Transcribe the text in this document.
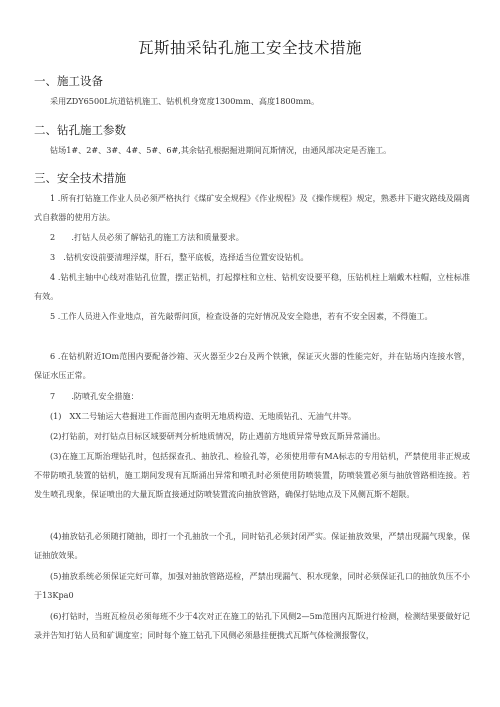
瓦斯抽采钻孔施工安全技术措施
一、施工设备
采用ZDY6500L坑道钻机施工、钻机机身宽度1300mm、高度1800mm。
二、钻孔施工参数
钻场1#、2#、3#、4#、5#、6#,其余钻孔根据掘进期间瓦斯情况，由通风部决定是否施工。
三、安全技术措施
1 .所有打钻施工作业人员必须严格执行《煤矿安全规程》《作业规程》及《操作规程》规定，熟悉井下避灾路线及隔离式自救器的使用方法。
2　　.打钻人员必须了解钻孔的施工方法和质量要求。
3　.钻机安设前要清理浮煤，肝石，整平底板，选择适当位置安设钻机。
4 .钻机主轴中心线对准钻孔位置，摆正钻机，打起撑柱和立柱、钻机安设要平稳，压钻机柱上端戴木柱帽，立柱标准有效。
5 .工作人员进入作业地点，首先敲帮问顶，检查设备的完好情况及安全隐患，若有不安全因素，不得施工。
6 .在钻机附近IOm范围内要配备沙箱、灭火器至少2台及两个铁锹，保证灭火器的性能完好，并在钻场内连接水管，保证水压正常。
7　　.防喷孔安全措施：
(1)　XX二号轴运大巷掘进工作面范围内查明无地质构造、无地质钻孔、无油气井等。
(2)打钻前，对打钻点目标区域要研判分析地质情况，防止遇前方地质异常导致瓦斯异常涌出。
(3)在施工瓦斯治理钻孔时，包括探查孔、抽放孔、检验孔等，必须使用带有MA标志的专用钻机，严禁使用非正规或不带防喷孔装置的钻机，施工期间发现有瓦斯涌出异常和喷孔时必须使用防喷装置，防喷装置必须与抽放管路相连接。若发生喷孔现象，保证喷出的大量瓦斯直接通过防喷装置流向抽放管路，确保打钻地点及下风侧瓦斯不超限。
(4)抽放钻孔必须随打随抽，即打一个孔抽放一个孔，同时钻孔必须封闭严实。保证抽放效果，严禁出现漏气现象，保证抽放效果。
(5)抽放系统必须保证完好可靠，加强对抽放管路巡检，严禁出现漏气、积水现象，同时必须保证孔口的抽放负压不小于13Kpa0
(6)打钻时，当班瓦检员必须每班不少于4次对正在施工的钻孔下风侧2—5m范围内瓦斯进行检测，检测结果要做好记录并告知打钻人员和矿调度室；同时每个施工钻孔下风侧必须悬挂便携式瓦斯气体检测报警仪，
